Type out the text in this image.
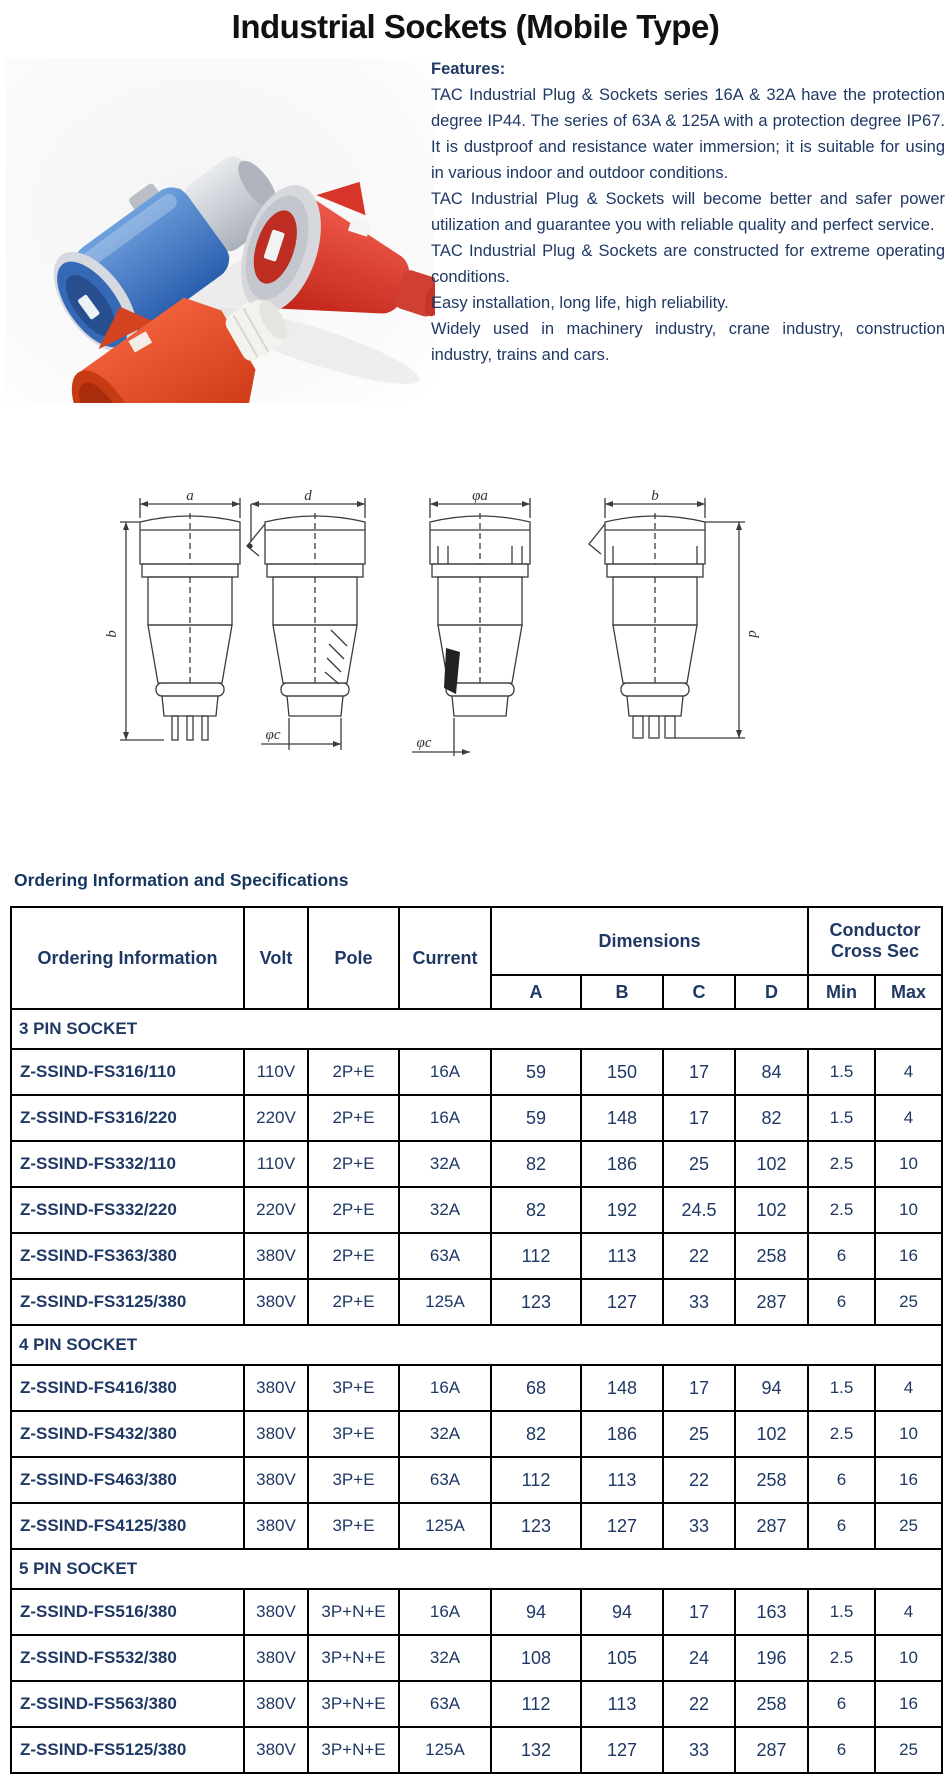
Industrial Sockets (Mobile Type)
Features:

TAC Industrial Plug & Sockets series 16A & 32A have the protection degree IP44. The series of 63A & 125A with a protection degree IP67. It is dustproof and resistance water immersion; it is suitable for using in various indoor and outdoor conditions.

TAC Industrial Plug & Sockets will become better and safer power utilization and guarantee you with reliable quality and perfect service.

TAC Industrial Plug & Sockets are constructed for extreme operating conditions.

Easy installation, long life, high reliability.

Widely used in machinery industry, crane industry, construction industry, trains and cars.

a
b
d
φc	φc
φa	b
d
Ordering Information and Specifications
Ordering Information	Volt	Pole	Current	Dimensions				Conductor Cross Sec	
				A	B	C	D	Min	Max
3 PIN SOCKET									
Z-SSIND-FS316/110	110V	2P+E	16A	59	150	17	84	1.5	4
Z-SSIND-FS316/220	220V	2P+E	16A	59	148	17	82	1.5	4
Z-SSIND-FS332/110	110V	2P+E	32A	82	186	25	102	2.5	10
Z-SSIND-FS332/220	220V	2P+E	32A	82	192	24.5	102	2.5	10
Z-SSIND-FS363/380	380V	2P+E	63A	112	113	22	258	6	16
Z-SSIND-FS3125/380	380V	2P+E	125A	123	127	33	287	6	25
4 PIN SOCKET									
Z-SSIND-FS416/380	380V	3P+E	16A	68	148	17	94	1.5	4
Z-SSIND-FS432/380	380V	3P+E	32A	82	186	25	102	2.5	10
Z-SSIND-FS463/380	380V	3P+E	63A	112	113	22	258	6	16
Z-SSIND-FS4125/380	380V	3P+E	125A	123	127	33	287	6	25
5 PIN SOCKET									
Z-SSIND-FS516/380	380V	3P+N+E	16A	94	94	17	163	1.5	4
Z-SSIND-FS532/380	380V	3P+N+E	32A	108	105	24	196	2.5	10
Z-SSIND-FS563/380	380V	3P+N+E	63A	112	113	22	258	6	16
Z-SSIND-FS5125/380	380V	3P+N+E	125A	132	127	33	287	6	25
